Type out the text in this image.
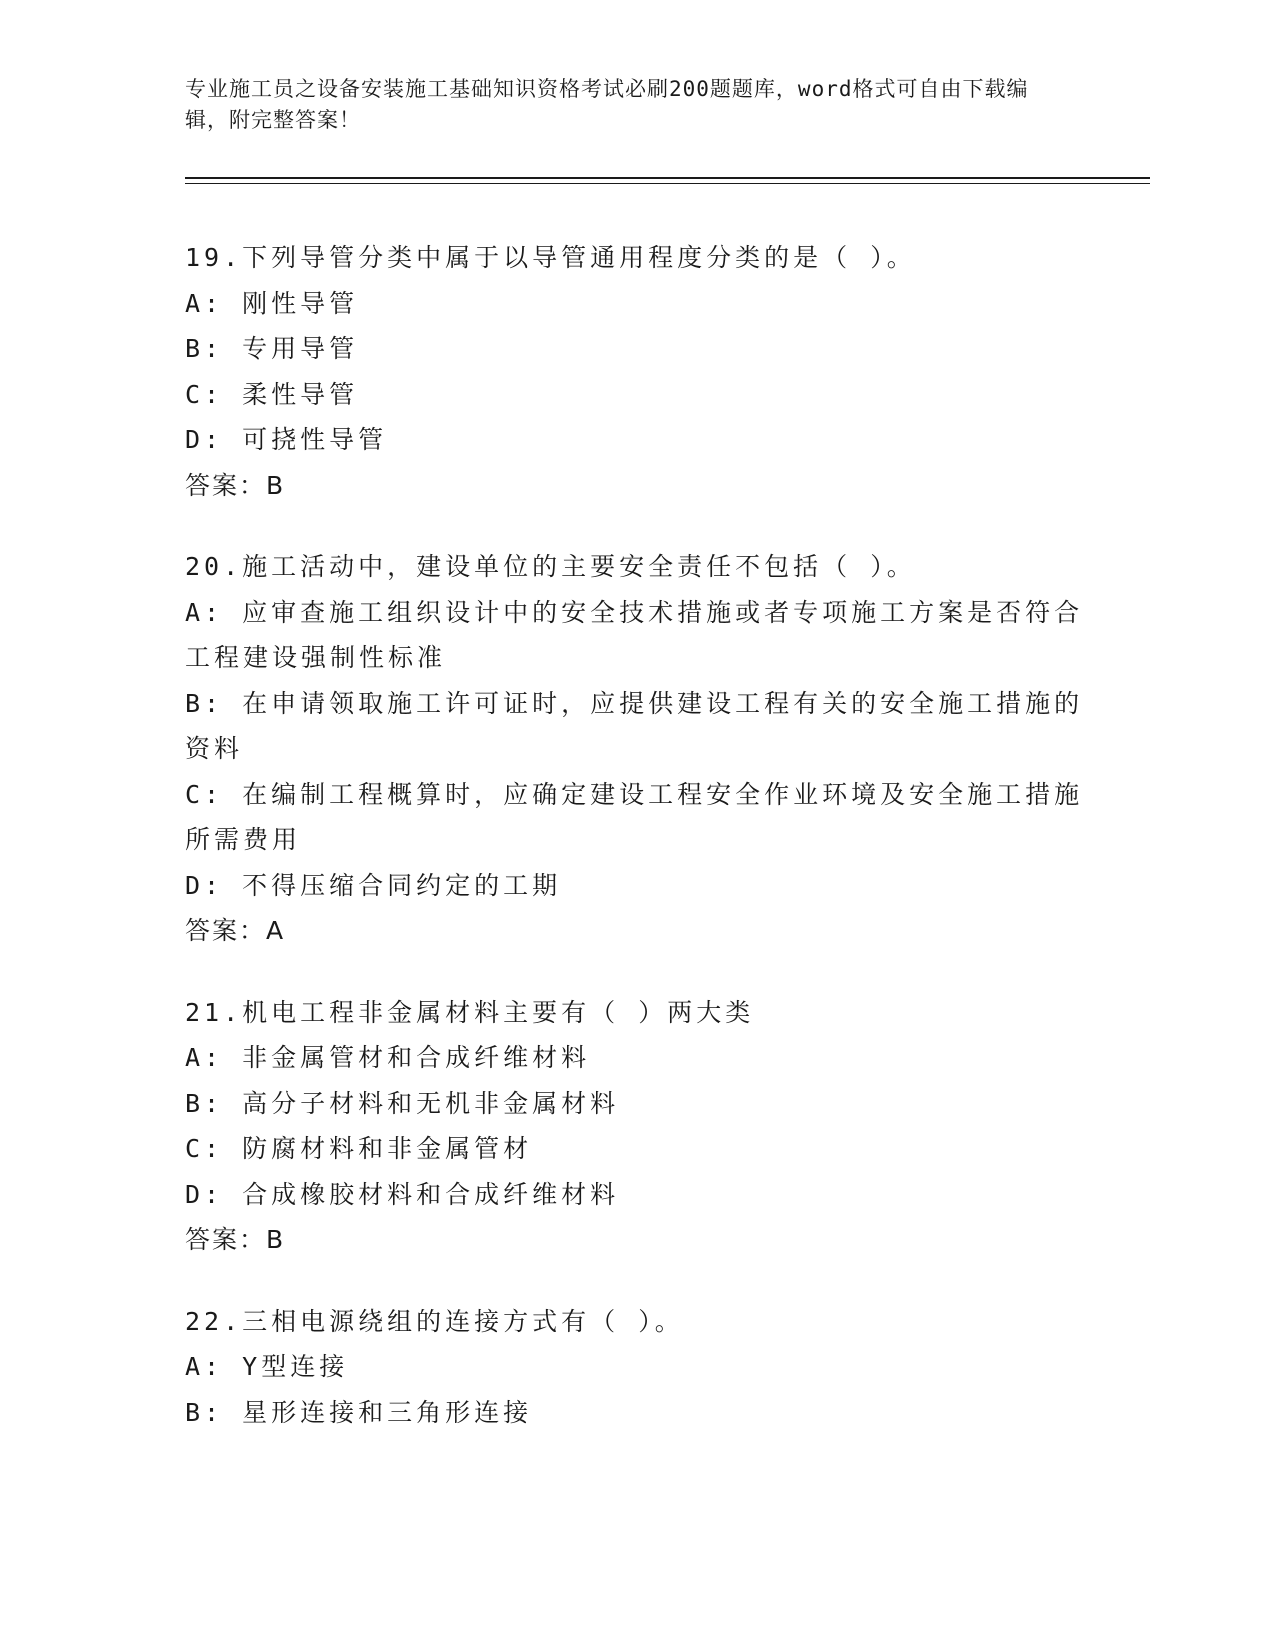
专业施工员之设备安装施工基础知识资格考试必刷200题题库，word格式可自由下载编辑，附完整答案！

19.下列导管分类中属于以导管通用程度分类的是（ ）。

A: 刚性导管

B: 专用导管

C: 柔性导管

D: 可挠性导管

答案：B

20.施工活动中，建设单位的主要安全责任不包括（ ）。

A: 应审查施工组织设计中的安全技术措施或者专项施工方案是否符合工程建设强制性标准

B: 在申请领取施工许可证时，应提供建设工程有关的安全施工措施的资料

C: 在编制工程概算时，应确定建设工程安全作业环境及安全施工措施所需费用

D: 不得压缩合同约定的工期

答案：A

21.机电工程非金属材料主要有（ ）两大类

A: 非金属管材和合成纤维材料

B: 高分子材料和无机非金属材料

C: 防腐材料和非金属管材

D: 合成橡胶材料和合成纤维材料

答案：B

22.三相电源绕组的连接方式有（ ）。

A: Y型连接

B: 星形连接和三角形连接
